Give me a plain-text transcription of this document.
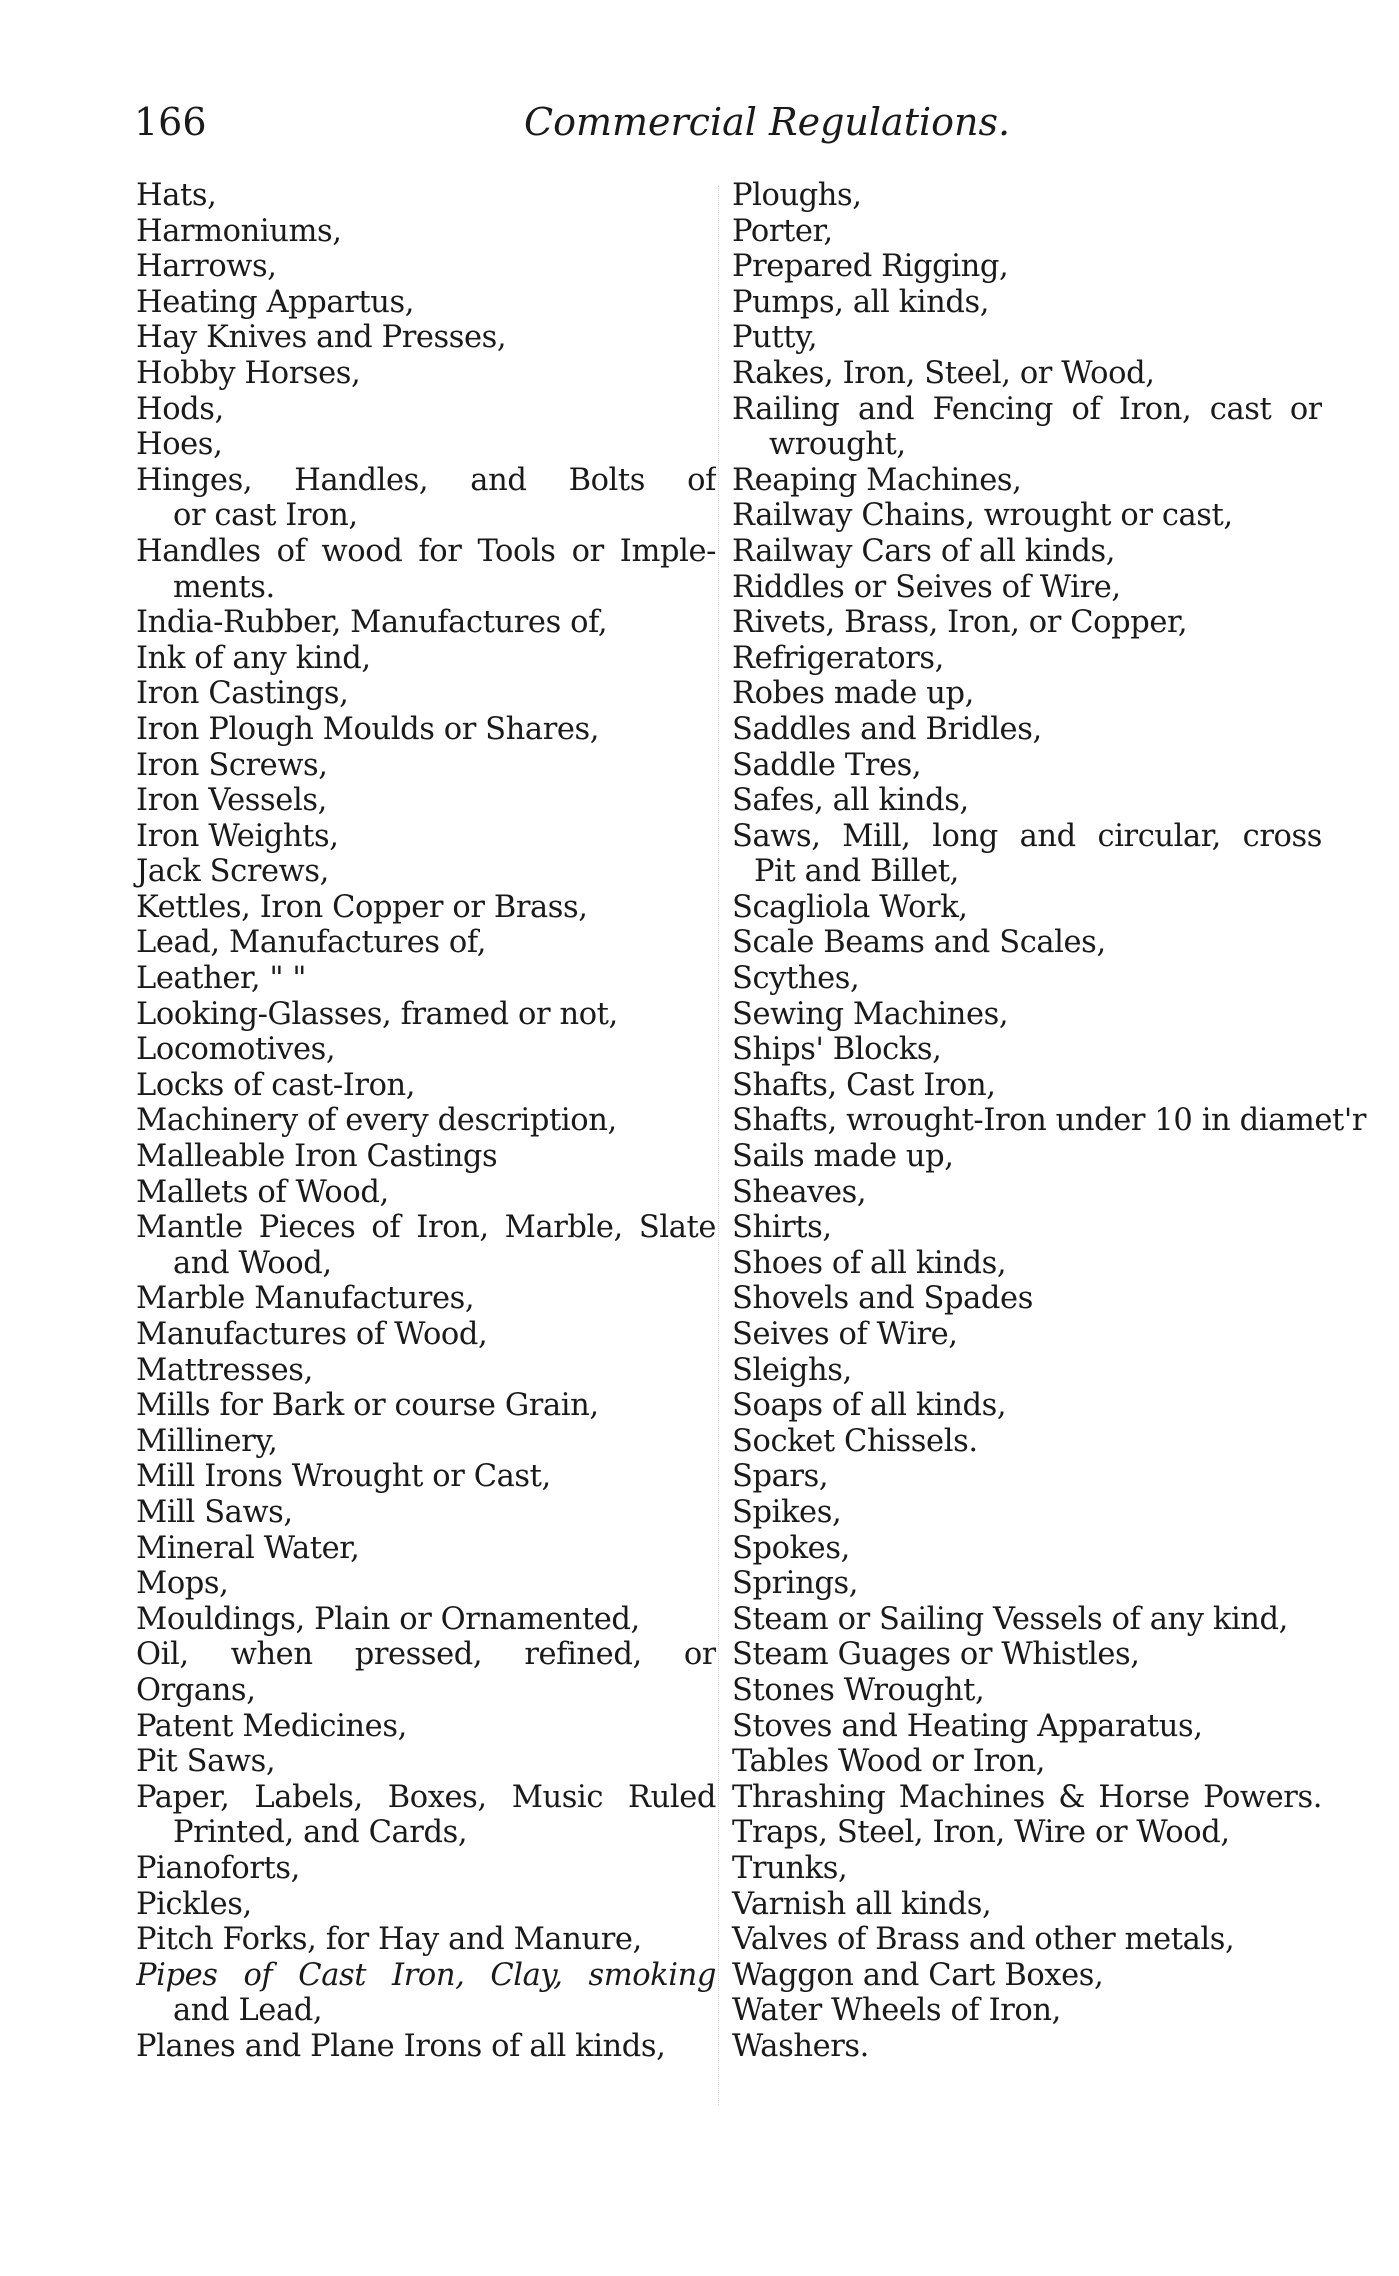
166	Commercial Regulations.
Hats,
Harmoniums,
Harrows,
Heating Appartus,
Hay Knives and Presses,
Hobby Horses,
Hods,
Hoes,
Hinges, Handles, and Bolts of
or cast Iron,
Handles of wood for Tools or Imple-
ments.
India-Rubber, Manufactures of,
Ink of any kind,
Iron Castings,
Iron Plough Moulds or Shares,
Iron Screws,
Iron Vessels,
Iron Weights,
Jack Screws,
Kettles, Iron Copper or Brass,
Lead, Manufactures of,
Leather, " "
Looking-Glasses, framed or not,
Locomotives,
Locks of cast-Iron,
Machinery of every description,
Malleable Iron Castings
Mallets of Wood,
Mantle Pieces of Iron, Marble, Slate
and Wood,
Marble Manufactures,
Manufactures of Wood,
Mattresses,
Mills for Bark or course Grain,
Millinery,
Mill Irons Wrought or Cast,
Mill Saws,
Mineral Water,
Mops,
Mouldings, Plain or Ornamented,
Oil, when pressed, refined, or
Organs,
Patent Medicines,
Pit Saws,
Paper, Labels, Boxes, Music Ruled
Printed, and Cards,
Pianoforts,
Pickles,
Pitch Forks, for Hay and Manure,
Pipes of Cast Iron, Clay, smoking
and Lead,
Planes and Plane Irons of all kinds,
Ploughs,
Porter,
Prepared Rigging,
Pumps, all kinds,
Putty,
Rakes, Iron, Steel, or Wood,
Railing and Fencing of Iron, cast or
wrought,
Reaping Machines,
Railway Chains, wrought or cast,
Railway Cars of all kinds,
Riddles or Seives of Wire,
Rivets, Brass, Iron, or Copper,
Refrigerators,
Robes made up,
Saddles and Bridles,
Saddle Tres,
Safes, all kinds,
Saws, Mill, long and circular, cross
Pit and Billet,
Scagliola Work,
Scale Beams and Scales,
Scythes,
Sewing Machines,
Ships' Blocks,
Shafts, Cast Iron,
Shafts, wrought-Iron under 10 in diamet'r
Sails made up,
Sheaves,
Shirts,
Shoes of all kinds,
Shovels and Spades
Seives of Wire,
Sleighs,
Soaps of all kinds,
Socket Chissels.
Spars,
Spikes,
Spokes,
Springs,
Steam or Sailing Vessels of any kind,
Steam Guages or Whistles,
Stones Wrought,
Stoves and Heating Apparatus,
Tables Wood or Iron,
Thrashing Machines & Horse Powers.
Traps, Steel, Iron, Wire or Wood,
Trunks,
Varnish all kinds,
Valves of Brass and other metals,
Waggon and Cart Boxes,
Water Wheels of Iron,
Washers.
